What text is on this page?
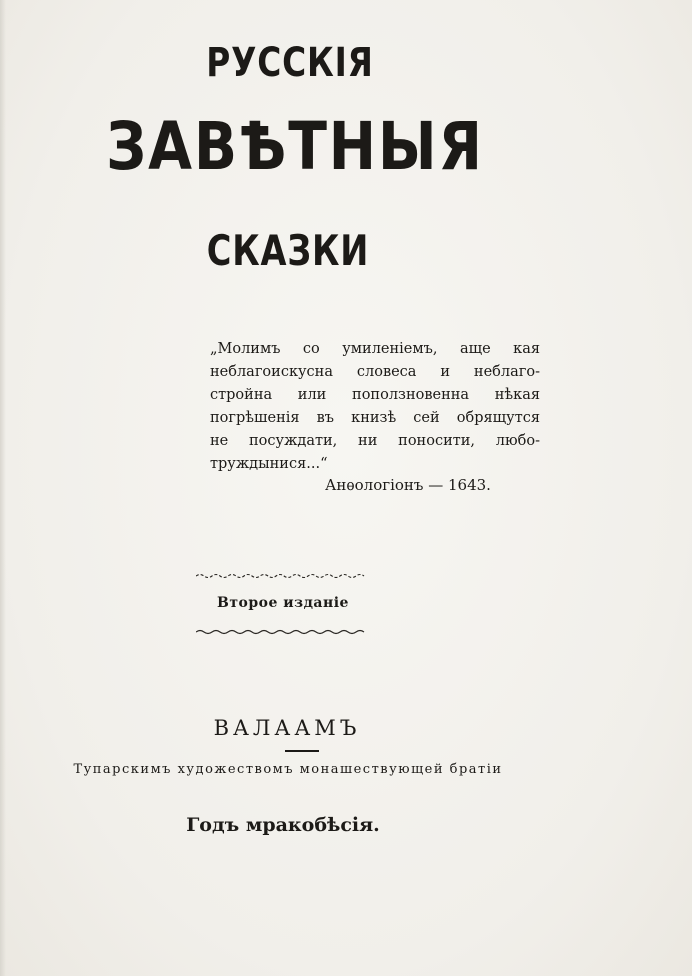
РУССКІЯ
ЗАВѢТНЫЯ
СКАЗКИ
„Молимъ со умиленіемъ, аще кая
неблагоискусна словеса и неблаго-
стройна или поползновенна нѣкая
погрѣшенія въ книзѣ сей обрящутся
не посуждати, ни поносити, любо-
труждынися...“
Анѳологіонъ — 1643.
Второе изданіе
ВАЛААМЪ
Тупарскимъ художествомъ монашествующей братіи
Годъ мракобѣсія.
